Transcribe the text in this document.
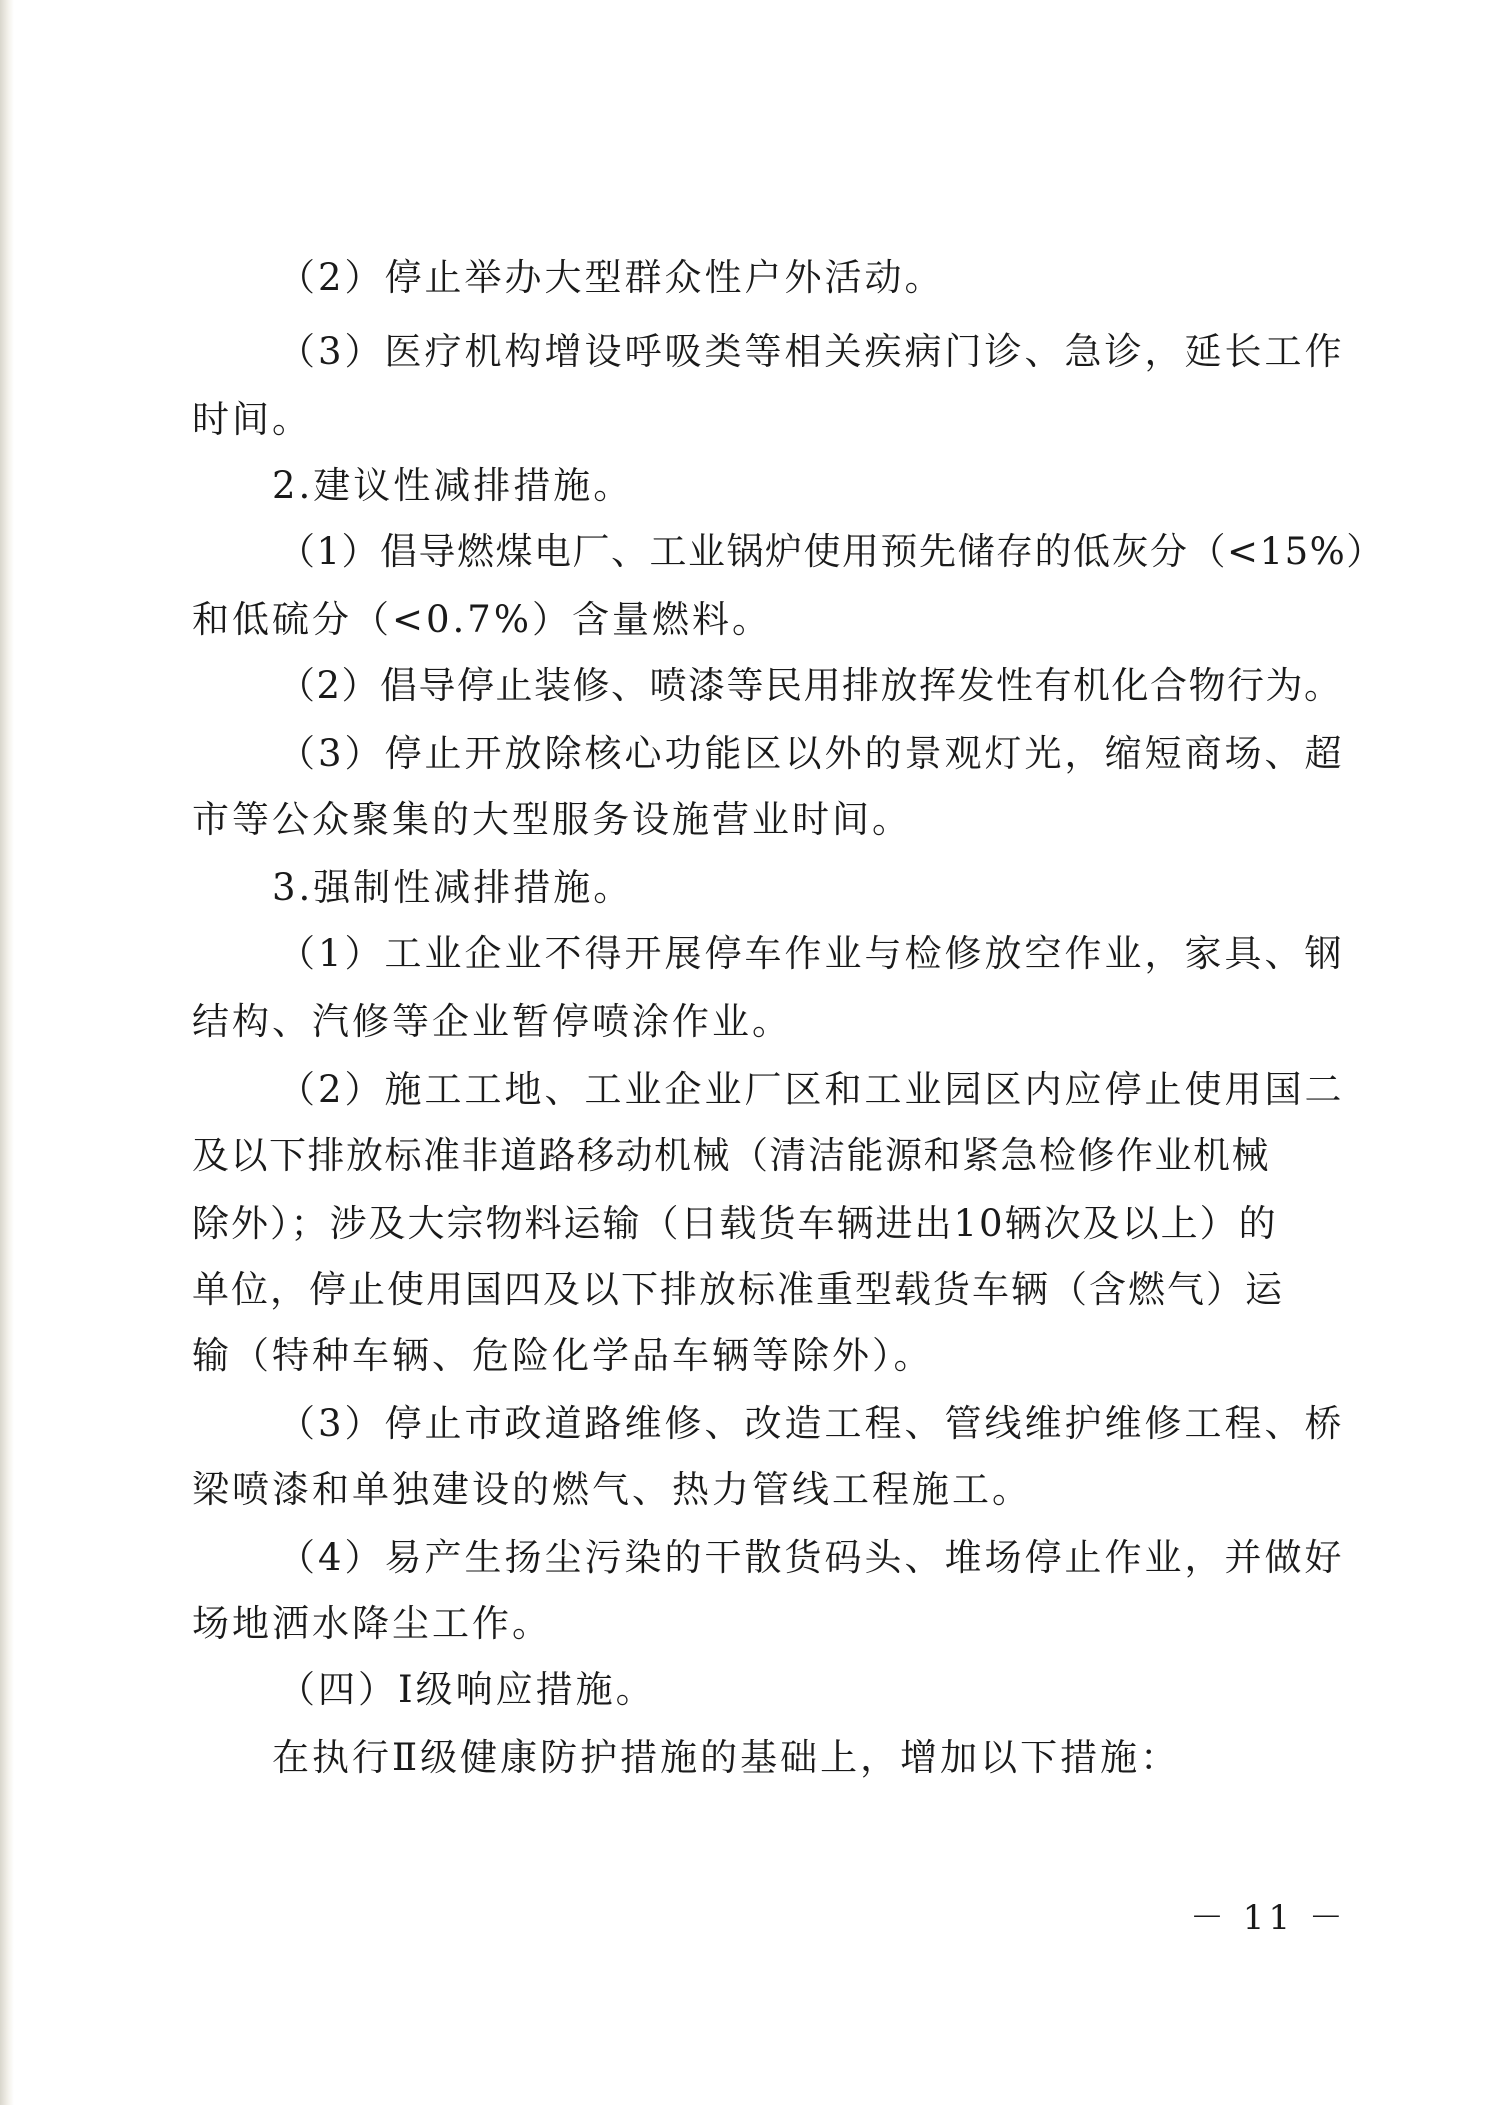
（2）停止举办大型群众性户外活动。
（3）医疗机构增设呼吸类等相关疾病门诊、急诊，延长工作
时间。
2.建议性减排措施。
（1）倡导燃煤电厂、工业锅炉使用预先储存的低灰分（<15%）
和低硫分（<0.7%）含量燃料。
（2）倡导停止装修、喷漆等民用排放挥发性有机化合物行为。
（3）停止开放除核心功能区以外的景观灯光，缩短商场、超
市等公众聚集的大型服务设施营业时间。
3.强制性减排措施。
（1）工业企业不得开展停车作业与检修放空作业，家具、钢
结构、汽修等企业暂停喷涂作业。
（2）施工工地、工业企业厂区和工业园区内应停止使用国二
及以下排放标准非道路移动机械（清洁能源和紧急检修作业机械
除外）；涉及大宗物料运输（日载货车辆进出10辆次及以上）的
单位，停止使用国四及以下排放标准重型载货车辆（含燃气）运
输（特种车辆、危险化学品车辆等除外）。
（3）停止市政道路维修、改造工程、管线维护维修工程、桥
梁喷漆和单独建设的燃气、热力管线工程施工。
（4）易产生扬尘污染的干散货码头、堆场停止作业，并做好
场地洒水降尘工作。
（四）Ⅰ级响应措施。
在执行Ⅱ级健康防护措施的基础上，增加以下措施：
－ 11 －
